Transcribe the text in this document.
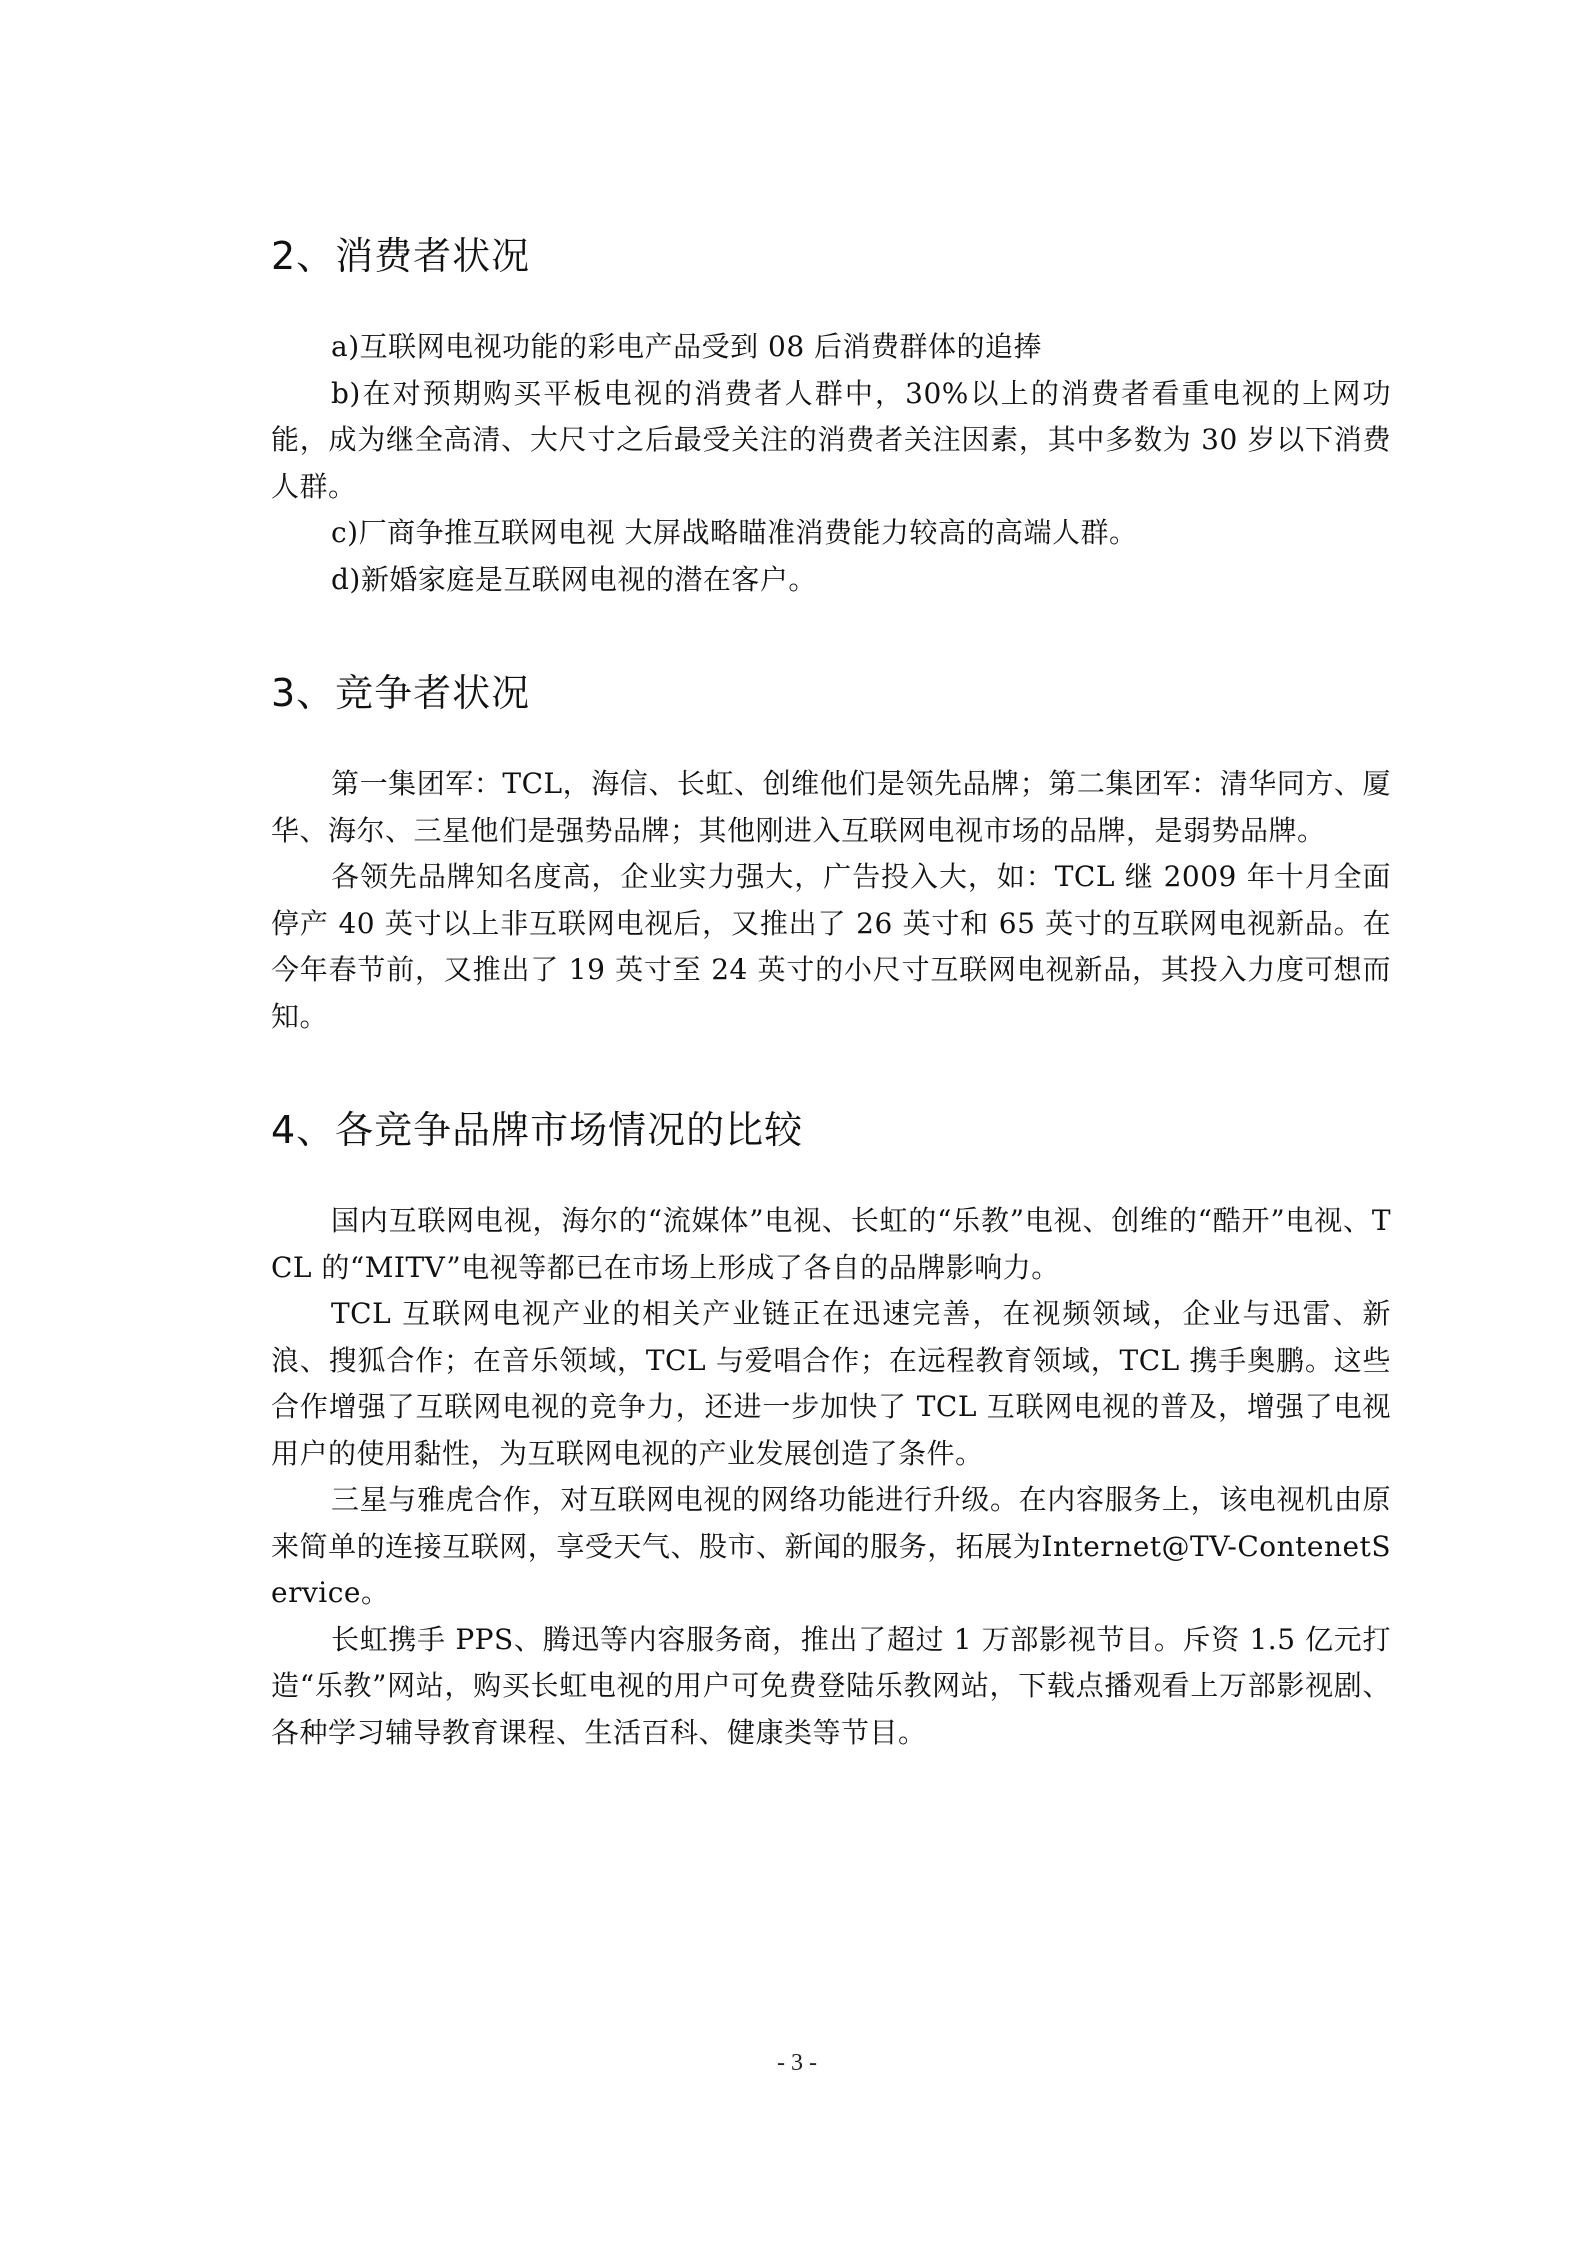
2、消费者状况

a)互联网电视功能的彩电产品受到 08 后消费群体的追捧

b)在对预期购买平板电视的消费者人群中，30%以上的消费者看重电视的上网功能，成为继全高清、大尺寸之后最受关注的消费者关注因素，其中多数为 30 岁以下消费人群。

c)厂商争推互联网电视 大屏战略瞄准消费能力较高的高端人群。

d)新婚家庭是互联网电视的潜在客户。

3、竞争者状况

第一集团军：TCL，海信、长虹、创维他们是领先品牌；第二集团军：清华同方、厦华、海尔、三星他们是强势品牌；其他刚进入互联网电视市场的品牌，是弱势品牌。

各领先品牌知名度高，企业实力强大，广告投入大，如：TCL 继 2009 年十月全面停产 40 英寸以上非互联网电视后，又推出了 26 英寸和 65 英寸的互联网电视新品。在今年春节前，又推出了 19 英寸至 24 英寸的小尺寸互联网电视新品，其投入力度可想而知。

4、各竞争品牌市场情况的比较

国内互联网电视，海尔的“流媒体”电视、长虹的“乐教”电视、创维的“酷开”电视、TCL 的“MITV”电视等都已在市场上形成了各自的品牌影响力。

TCL 互联网电视产业的相关产业链正在迅速完善，在视频领域，企业与迅雷、新浪、搜狐合作；在音乐领域，TCL 与爱唱合作；在远程教育领域，TCL 携手奥鹏。这些合作增强了互联网电视的竞争力，还进一步加快了 TCL 互联网电视的普及，增强了电视用户的使用黏性，为互联网电视的产业发展创造了条件。

三星与雅虎合作，对互联网电视的网络功能进行升级。在内容服务上，该电视机由原来简单的连接互联网，享受天气、股市、新闻的服务，拓展为Internet@TV-ContenetService。

长虹携手 PPS、腾迅等内容服务商，推出了超过 1 万部影视节目。斥资 1.5 亿元打造“乐教”网站，购买长虹电视的用户可免费登陆乐教网站，下载点播观看上万部影视剧、各种学习辅导教育课程、生活百科、健康类等节目。

- 3 -
